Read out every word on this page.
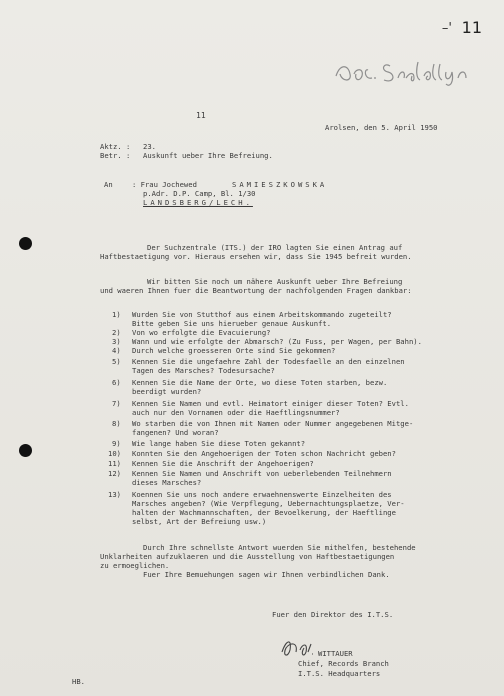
–' 11
11
Arolsen, den 5. April 1950
Aktz. : 23.
Betr. : Auskunft ueber Ihre Befreiung.
An	: Frau Jochewed	SAMIESZKOWSKA
p.Adr. D.P. Camp, Bl. 1/30
LANDSBERG/LECH.
Der Suchzentrale (ITS.) der IRO lagten Sie einen Antrag auf
Haftbestaetigung vor. Hieraus ersehen wir, dass Sie 1945 befreit wurden.
Wir bitten Sie noch um nähere Auskunft ueber Ihre Befreiung
und waeren Ihnen fuer die Beantwortung der nachfolgenden Fragen dankbar:
1) Wurden Sie von Stutthof aus einem Arbeitskommando zugeteilt?
Bitte geben Sie uns hierueber genaue Auskunft.
2) Von wo erfolgte die Evacuierung?
3) Wann und wie erfolgte der Abmarsch? (Zu Fuss, per Wagen, per Bahn).
4) Durch welche groesseren Orte sind Sie gekommen?
5) Kennen Sie die ungefaehre Zahl der Todesfaelle an den einzelnen
Tagen des Marsches? Todesursache?
6) Kennen Sie die Name der Orte, wo diese Toten starben, bezw.
beerdigt wurden?
7) Kennen Sie Namen und evtl. Heimatort einiger dieser Toten? Evtl.
auch nur den Vornamen oder die Haeftlingsnummer?
8) Wo starben die von Ihnen mit Namen oder Nummer angegebenen Mitge-
fangenen? Und woran?
9) Wie lange haben Sie diese Toten gekannt?
10) Konnten Sie den Angehoerigen der Toten schon Nachricht geben?
11) Kennen Sie die Anschrift der Angehoerigen?
12) Kennen Sie Namen und Anschrift von ueberlebenden Teilnehmern
dieses Marsches?
13) Koennen Sie uns noch andere erwaehnenswerte Einzelheiten des
Marsches angeben? (Wie Verpflegung, Uebernachtungsplaetze, Ver-
halten der Wachmannschaften, der Bevoelkerung, der Haeftlinge
selbst, Art der Befreiung usw.)
Durch Ihre schnellste Antwort wuerden Sie mithelfen, bestehende
Unklarheiten aufzuklaeren und die Ausstellung von Haftbestaetigungen
zu ermoeglichen.
Fuer Ihre Bemuehungen sagen wir Ihnen verbindlichen Dank.
Fuer den Direktor des I.T.S.
WITTAUER
Chief, Records Branch
I.T.S. Headquarters
HB.
